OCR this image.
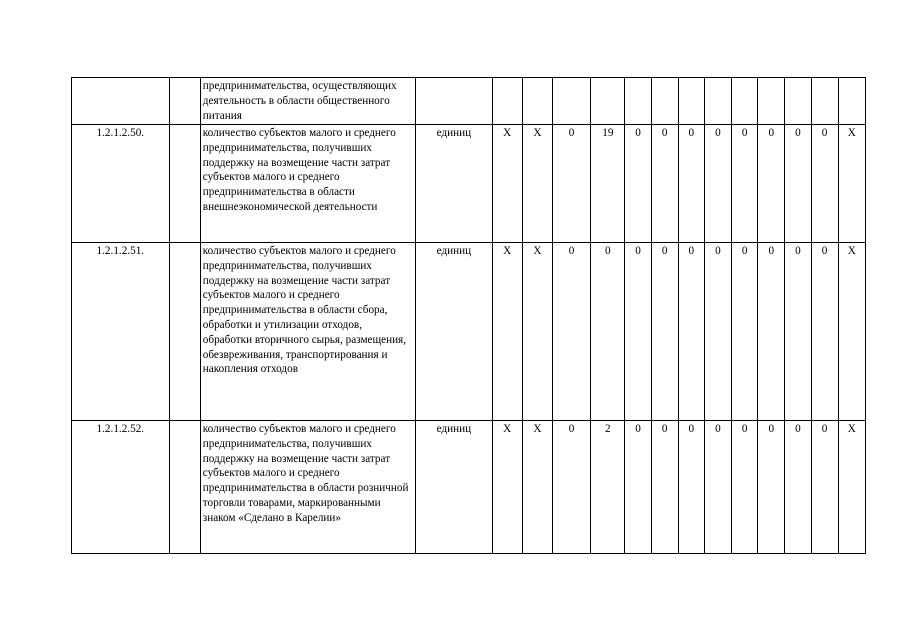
		предпринимательства, осуществляющих деятельность в области общественного питания														
1.2.1.2.50.		количество субъектов малого и среднего предпринимательства, получивших поддержку на возмещение части затрат субъектов малого и среднего предпринимательства в области внешнеэкономической деятельности	единиц	X	X	0	19	0	0	0	0	0	0	0	0	X
1.2.1.2.51.		количество субъектов малого и среднего предпринимательства, получивших поддержку на возмещение части затрат субъектов малого и среднего предпринимательства в области сбора, обработки и утилизации отходов, обработки вторичного сырья, размещения, обезвреживания, транспортирования и накопления отходов	единиц	X	X	0	0	0	0	0	0	0	0	0	0	X
1.2.1.2.52.		количество субъектов малого и среднего предпринимательства, получивших поддержку на возмещение части затрат субъектов малого и среднего предпринимательства в области розничной торговли товарами, маркированными знаком «Сделано в Карелии»	единиц	X	X	0	2	0	0	0	0	0	0	0	0	X
